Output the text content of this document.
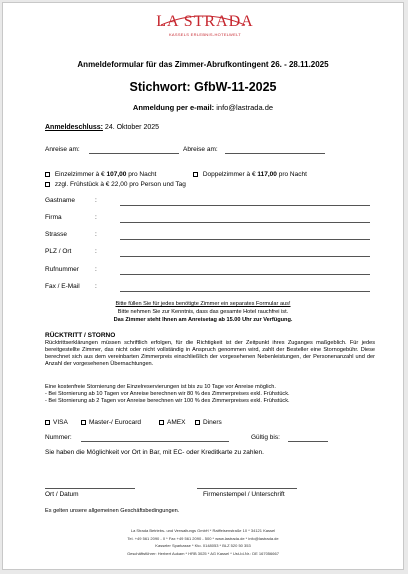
LA STRADA
KASSELS ERLEBNIS-HOTELWELT
Anmeldeformular für das Zimmer-Abrufkontingent 26. - 28.11.2025
Stichwort: GfbW-11-2025
Anmeldung per e-mail: info@lastrada.de
Anmeldeschluss: 24. Oktober 2025
Anreise am:	Abreise am:
Einzelzimmer à € 107,00 pro Nacht	Doppelzimmer à € 117,00 pro Nacht
zzgl. Frühstück à € 22,00 pro Person und Tag
Gastname	:
Firma	:
Strasse	:
PLZ / Ort	:
Rufnummer :
Fax / E-Mail :
Bitte füllen Sie für jedes benötigte Zimmer ein separates Formular aus!
Bitte nehmen Sie zur Kenntnis, dass das gesamte Hotel rauchfrei ist.
Das Zimmer steht Ihnen am Anreisetag ab 15.00 Uhr zur Verfügung.
RÜCKTRITT / STORNO
Rücktrittserklärungen müssen schriftlich erfolgen, für die Richtigkeit ist der Zeitpunkt ihres Zuganges maßgeblich. Für jedes bereitgestellte Zimmer, das nicht oder nicht vollständig in Anspruch genommen wird, zahlt der Besteller eine Stornogebühr. Diese berechnet sich aus dem vereinbarten Zimmerpreis einschließlich der vorgesehenen Nebenleistungen, der Personenanzahl und der Anzahl der vorgesehenen Übernachtungen.
Eine kostenfreie Stornierung der Einzelreservierungen ist bis zu 10 Tage vor Anreise möglich.
- Bei Stornierung ab 10 Tagen vor Anreise berechnen wir 80 % des Zimmerpreises exkl. Frühstück.
- Bei Stornierung ab 2 Tagen vor Anreise berechnen wir 100 % des Zimmerpreises exkl. Frühstück.
VISA	Master-/ Eurocard	AMEX	Diners
Nummer:	Gültig bis:
Sie haben die Möglichkeit vor Ort in Bar, mit EC- oder Kreditkarte zu zahlen.
Ort / Datum	Firmenstempel / Unterschrift
Es gelten unsere allgemeinen Geschäftsbedingungen.
La Strada Betriebs- und Verwaltungs GmbH * Raiffeisenstraße 10 * 34121 Kassel
Tel. +49 561 2090 - 0 * Fax +49 561 2090 - 500 * www.lastrada.de * info@lastrada.de
Kasseler Sparkasse * Kto. 0148053 * BLZ 520 50 353
Geschäftsführer: Herbert Aukam * HRB 3025 * AG Kassel * Ust-Id-Nr.: DE 167056667
